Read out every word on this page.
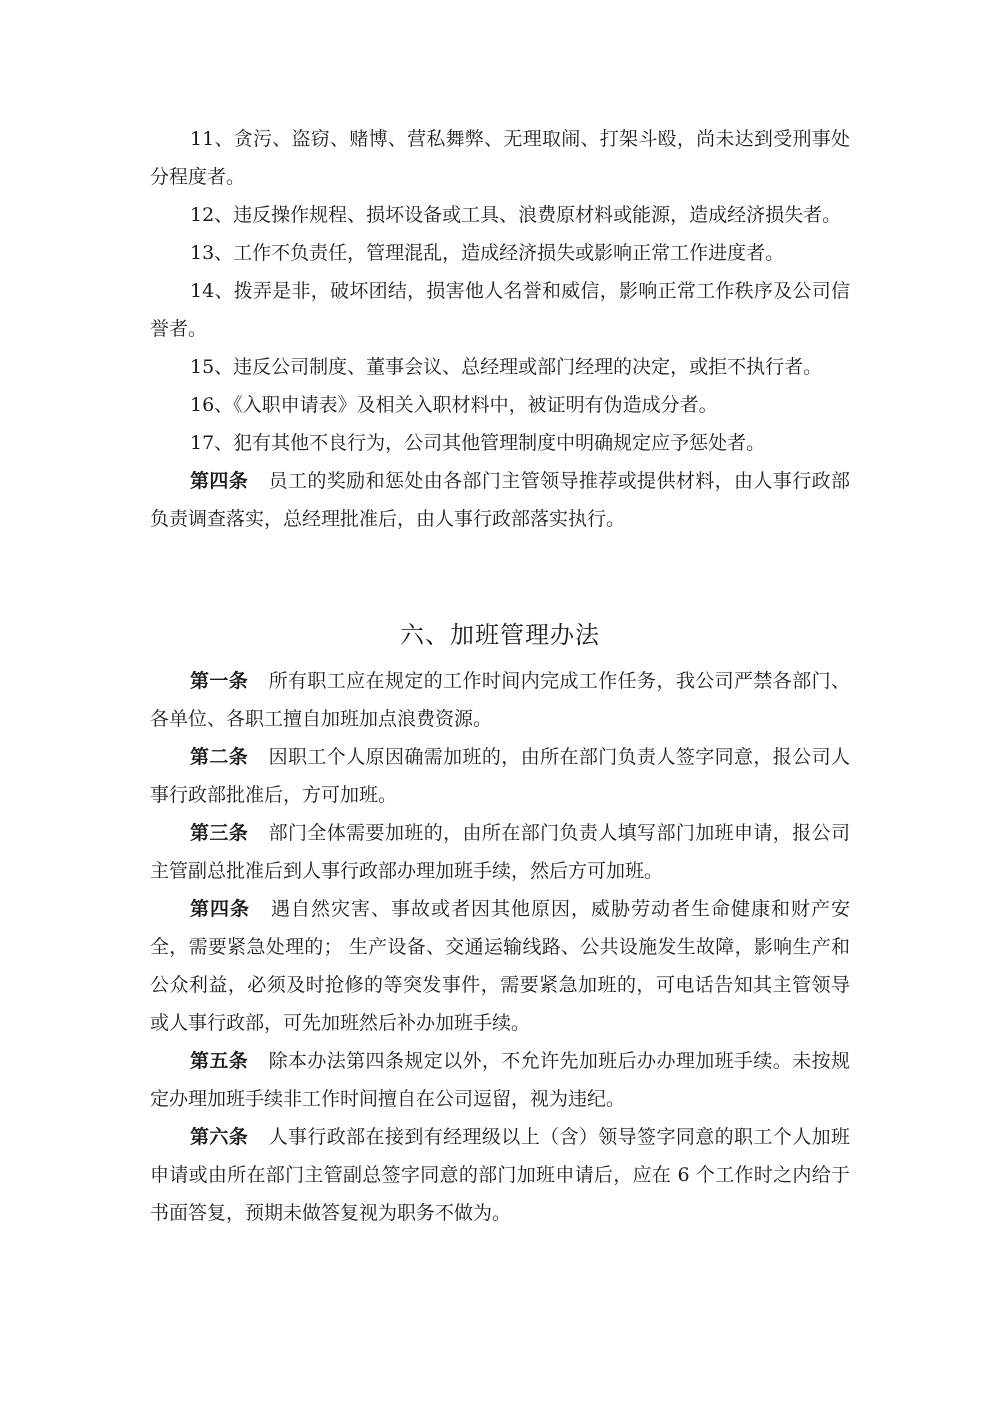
11、贪污、盗窃、赌博、营私舞弊、无理取闹、打架斗殴，尚未达到受刑事处分程度者。

12、违反操作规程、损坏设备或工具、浪费原材料或能源，造成经济损失者。

13、工作不负责任，管理混乱，造成经济损失或影响正常工作进度者。

14、拨弄是非，破坏团结，损害他人名誉和威信，影响正常工作秩序及公司信誉者。

15、违反公司制度、董事会议、总经理或部门经理的决定，或拒不执行者。

16、《入职申请表》及相关入职材料中，被证明有伪造成分者。

17、犯有其他不良行为，公司其他管理制度中明确规定应予惩处者。

第四条 员工的奖励和惩处由各部门主管领导推荐或提供材料，由人事行政部负责调查落实，总经理批准后，由人事行政部落实执行。

六、加班管理办法

第一条 所有职工应在规定的工作时间内完成工作任务，我公司严禁各部门、各单位、各职工擅自加班加点浪费资源。

第二条 因职工个人原因确需加班的，由所在部门负责人签字同意，报公司人事行政部批准后，方可加班。

第三条 部门全体需要加班的，由所在部门负责人填写部门加班申请，报公司主管副总批准后到人事行政部办理加班手续，然后方可加班。

第四条 遇自然灾害、事故或者因其他原因，威胁劳动者生命健康和财产安全，需要紧急处理的； 生产设备、交通运输线路、公共设施发生故障，影响生产和公众利益，必须及时抢修的等突发事件，需要紧急加班的，可电话告知其主管领导或人事行政部，可先加班然后补办加班手续。

第五条 除本办法第四条规定以外，不允许先加班后办办理加班手续。未按规定办理加班手续非工作时间擅自在公司逗留，视为违纪。

第六条 人事行政部在接到有经理级以上（含）领导签字同意的职工个人加班申请或由所在部门主管副总签字同意的部门加班申请后，应在 6 个工作时之内给于书面答复，预期未做答复视为职务不做为。
